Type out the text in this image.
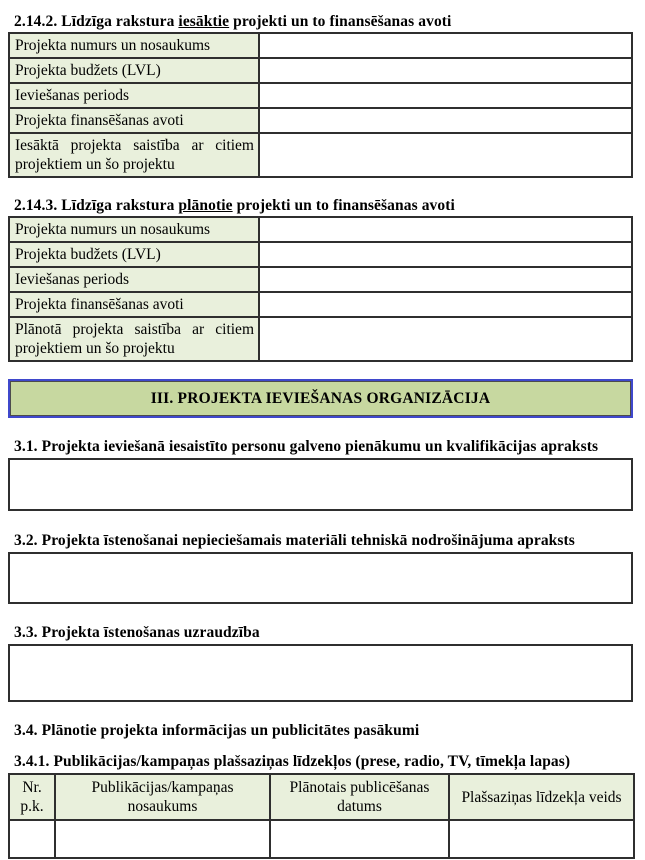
2.14.2. Līdzīga rakstura iesāktie projekti un to finansēšanas avoti
Projekta numurs un nosaukums	
Projekta budžets (LVL)	
Ieviešanas periods	
Projekta finansēšanas avoti	
Iesāktā projekta saistība ar citiem projektiem un šo projektu	
2.14.3. Līdzīga rakstura plānotie projekti un to finansēšanas avoti
Projekta numurs un nosaukums	
Projekta budžets (LVL)	
Ieviešanas periods	
Projekta finansēšanas avoti	
Plānotā projekta saistība ar citiem projektiem un šo projektu	
III. PROJEKTA IEVIEŠANAS ORGANIZĀCIJA
3.1. Projekta ieviešanā iesaistīto personu galveno pienākumu un kvalifikācijas apraksts
3.2. Projekta īstenošanai nepieciešamais materiāli tehniskā nodrošinājuma apraksts
3.3. Projekta īstenošanas uzraudzība
3.4. Plānotie projekta informācijas un publicitātes pasākumi
3.4.1. Publikācijas/kampaņas plašsaziņas līdzekļos (prese, radio, TV, tīmekļa lapas)
Nr. p.k.	Publikācijas/kampaņas nosaukums	Plānotais publicēšanas datums	Plašsaziņas līdzekļa veids
